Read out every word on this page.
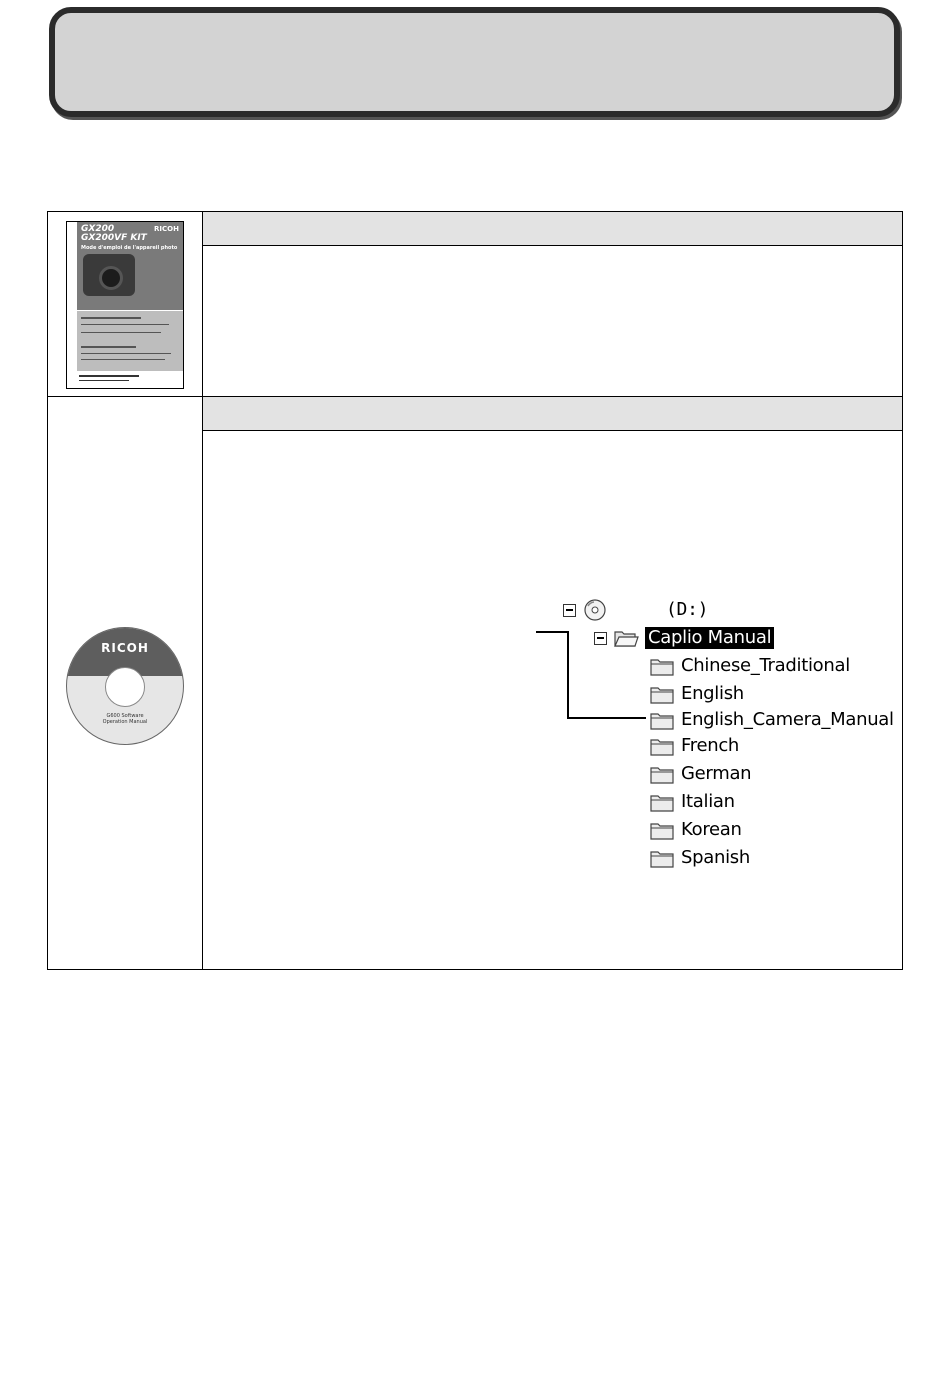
GX200
GX200VF KIT
RICOH
Mode d'emploi de l'appareil photo
RICOH
G600 Software
Operation Manual
(D:)
Caplio Manual
Chinese_Traditional
English
English_Camera_Manual
French
German
Italian
Korean
Spanish
